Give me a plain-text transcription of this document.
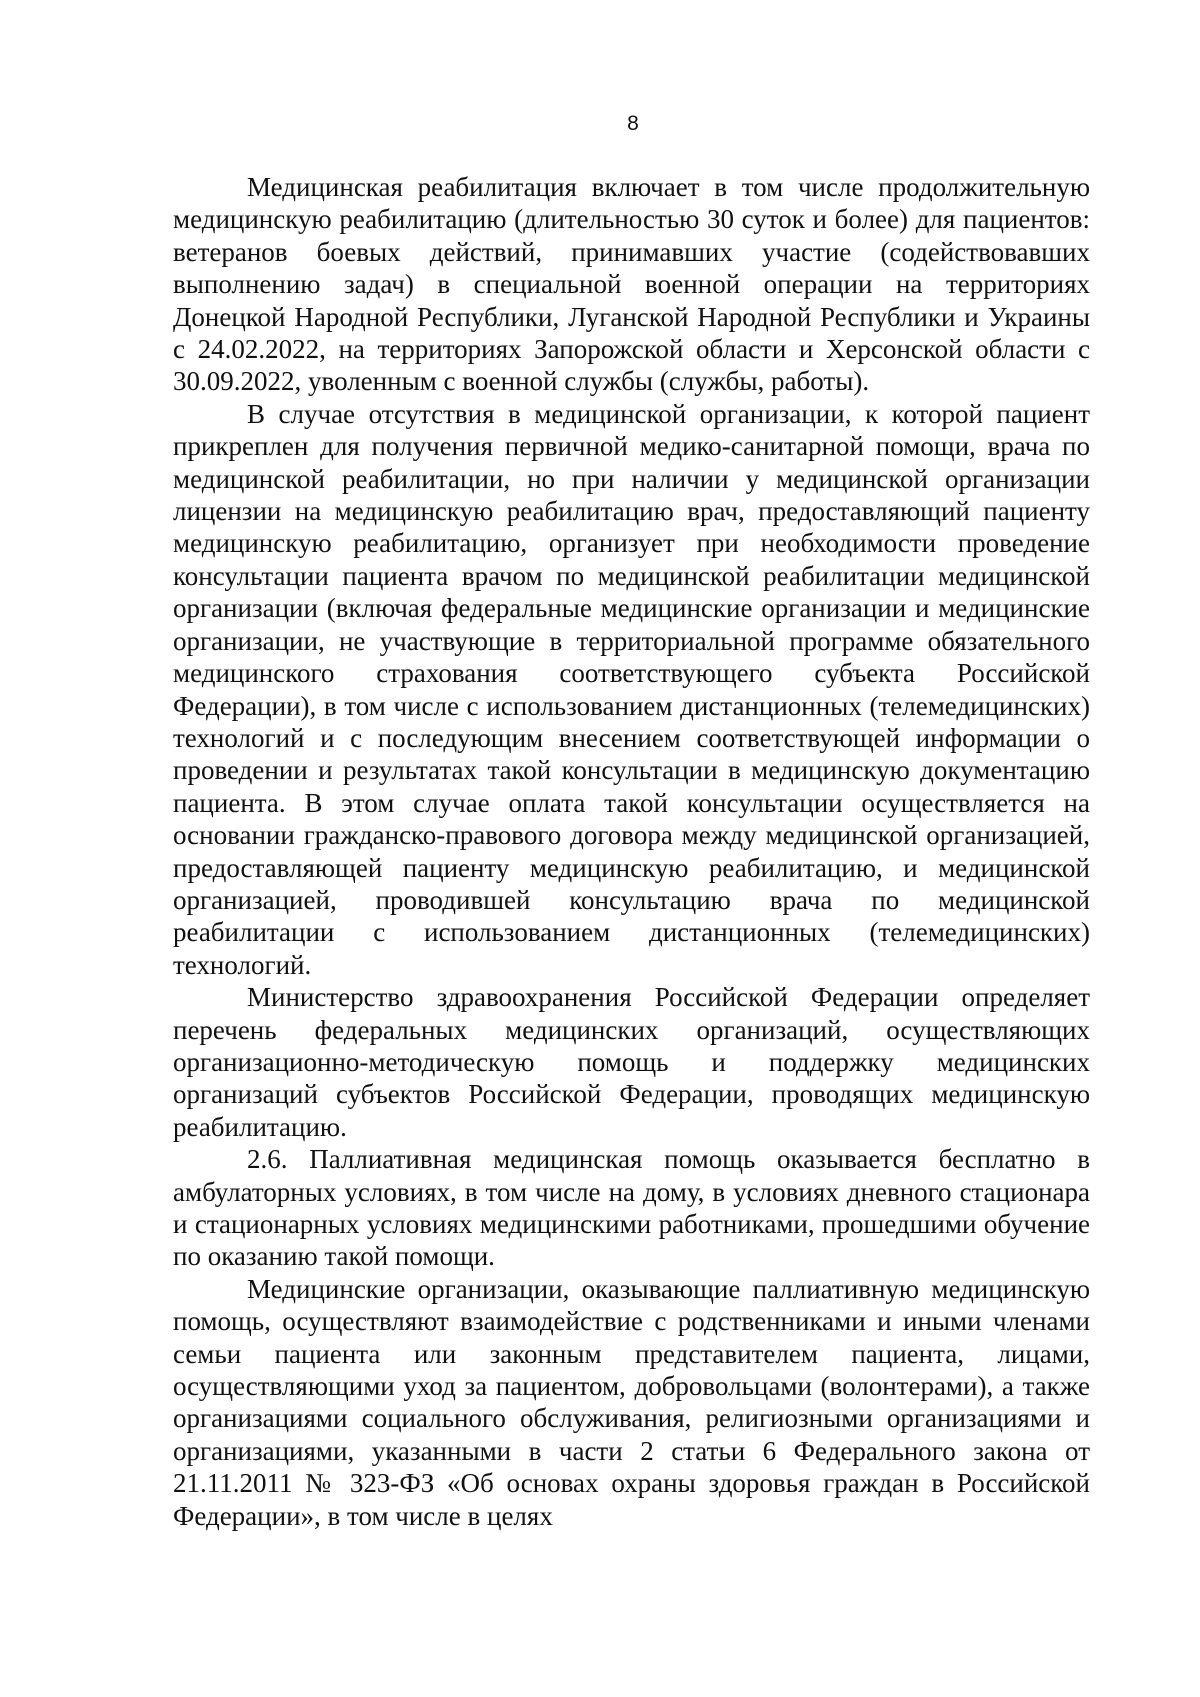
8

Медицинская реабилитация включает в том числе продолжительную медицинскую реабилитацию (длительностью 30 суток и более) для пациентов: ветеранов боевых действий, принимавших участие (содействовавших выполнению задач) в специальной военной операции на территориях Донецкой Народной Республики, Луганской Народной Республики и Украины с 24.02.2022, на территориях Запорожской области и Херсонской области с 30.09.2022, уволенным с военной службы (службы, работы).

В случае отсутствия в медицинской организации, к которой пациент прикреплен для получения первичной медико-санитарной помощи, врача по медицинской реабилитации, но при наличии у медицинской организации лицензии на медицинскую реабилитацию врач, предоставляющий пациенту медицинскую реабилитацию, организует при необходимости проведение консультации пациента врачом по медицинской реабилитации медицинской организации (включая федеральные медицинские организации и медицинские организации, не участвующие в территориальной программе обязательного медицинского страхования соответствующего субъекта Российской Федерации), в том числе с использованием дистанционных (телемедицинских) технологий и с последующим внесением соответствующей информации о проведении и результатах такой консультации в медицинскую документацию пациента. В этом случае оплата такой консультации осуществляется на основании гражданско-правового договора между медицинской организацией, предоставляющей пациенту медицинскую реабилитацию, и медицинской организацией, проводившей консультацию врача по медицинской реабилитации с использованием дистанционных (телемедицинских) технологий.

Министерство здравоохранения Российской Федерации определяет перечень федеральных медицинских организаций, осуществляющих организационно-методическую помощь и поддержку медицинских организаций субъектов Российской Федерации, проводящих медицинскую реабилитацию.

2.6. Паллиативная медицинская помощь оказывается бесплатно в амбулаторных условиях, в том числе на дому, в условиях дневного стационара и стационарных условиях медицинскими работниками, прошедшими обучение по оказанию такой помощи.

Медицинские организации, оказывающие паллиативную медицинскую помощь, осуществляют взаимодействие с родственниками и иными членами семьи пациента или законным представителем пациента, лицами, осуществляющими уход за пациентом, добровольцами (волонтерами), а также организациями социального обслуживания, религиозными организациями и организациями, указанными в части 2 статьи 6 Федерального закона от 21.11.2011 № 323-ФЗ «Об основах охраны здоровья граждан в Российской Федерации», в том числе в целях
